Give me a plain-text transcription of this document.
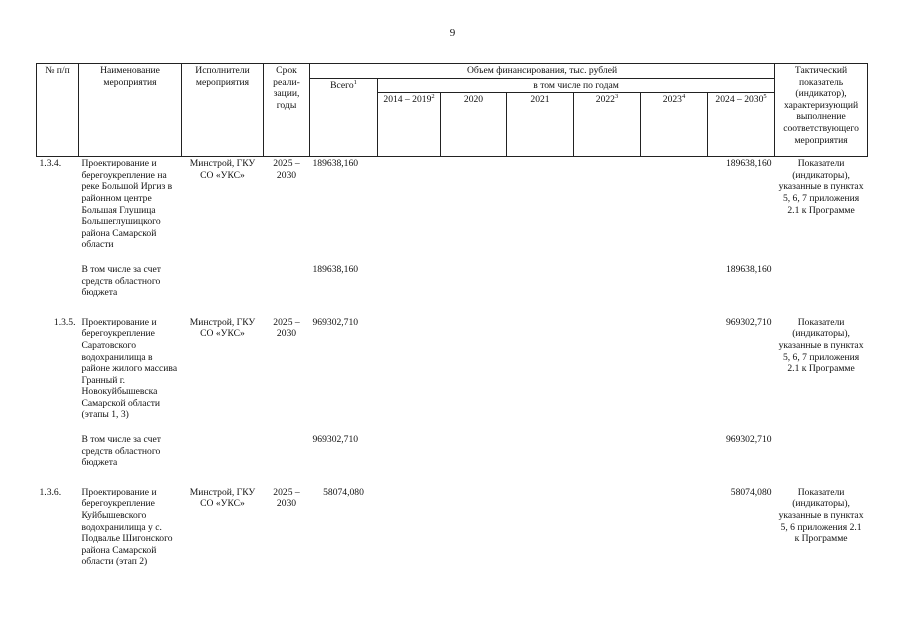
9
№ п/п	Наименование мероприятия	Исполнители мероприятия	Срок реали-зации, годы	Объем финансирования, тыс. рублей							Тактический показатель (индикатор), характеризующий выполнение соответствующего мероприятия
				Всего$^1$	в том числе по годам						
					2014 – 2019$^2$	2020	2021	2022$^3$	2023$^4$	2024 – 2030$^5$
1.3.4.	Проектирование и берегоукрепление на реке Большой Иргиз в районном центре Большая Глушица Большеглушицкого района Самарской области	Минстрой, ГКУ СО «УКС»	2025 – 2030	189638,160						189638,160	Показатели (индикаторы), указанные в пунктах 5, 6, 7 приложения 2.1 к Программе
	В том числе за счет средств областного бюджета			189638,160						189638,160	

1.3.5.	Проектирование и берегоукрепление Саратовского водохранилища в районе жилого массива Гранный г. Новокуйбышевска Самарской области (этапы 1, 3)	Минстрой, ГКУ СО «УКС»	2025 – 2030	969302,710						969302,710	Показатели (индикаторы), указанные в пунктах 5, 6, 7 приложения 2.1 к Программе
	В том числе за счет средств областного бюджета			969302,710						969302,710	

1.3.6.	Проектирование и берегоукрепление Куйбышевского водохранилища у с. Подвалье Шигонского района Самарской области (этап 2)	Минстрой, ГКУ СО «УКС»	2025 – 2030	58074,080						58074,080	Показатели (индикаторы), указанные в пунктах 5, 6 приложения 2.1 к Программе
